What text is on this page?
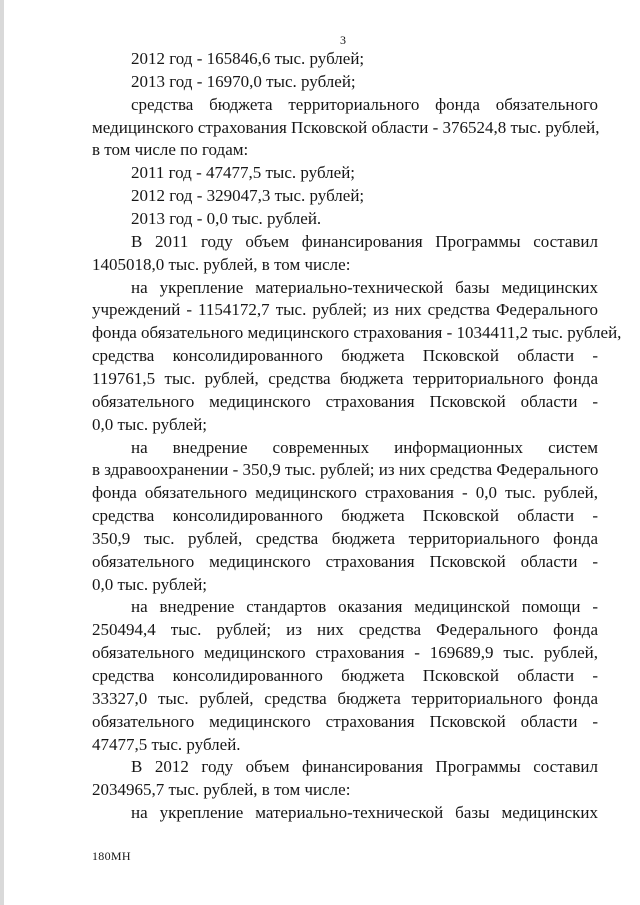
3
2012 год - 165846,6 тыс. рублей;
2013 год - 16970,0 тыс. рублей;
средства бюджета территориального фонда обязательного
медицинского страхования Псковской области - 376524,8 тыс. рублей,
в том числе по годам:
2011 год - 47477,5 тыс. рублей;
2012 год - 329047,3 тыс. рублей;
2013 год - 0,0 тыс. рублей.
В 2011 году объем финансирования Программы составил
1405018,0 тыс. рублей, в том числе:
на укрепление материально-технической базы медицинских
учреждений - 1154172,7 тыс. рублей; из них средства Федерального
фонда обязательного медицинского страхования - 1034411,2 тыс. рублей,
средства консолидированного бюджета Псковской области -
119761,5 тыс. рублей, средства бюджета территориального фонда
обязательного медицинского страхования Псковской области -
0,0 тыс. рублей;
на внедрение современных информационных систем
в здравоохранении - 350,9 тыс. рублей; из них средства Федерального
фонда обязательного медицинского страхования - 0,0 тыс. рублей,
средства консолидированного бюджета Псковской области -
350,9 тыс. рублей, средства бюджета территориального фонда
обязательного медицинского страхования Псковской области -
0,0 тыс. рублей;
на внедрение стандартов оказания медицинской помощи -
250494,4 тыс. рублей; из них средства Федерального фонда
обязательного медицинского страхования - 169689,9 тыс. рублей,
средства консолидированного бюджета Псковской области -
33327,0 тыс. рублей, средства бюджета территориального фонда
обязательного медицинского страхования Псковской области -
47477,5 тыс. рублей.
В 2012 году объем финансирования Программы составил
2034965,7 тыс. рублей, в том числе:
на укрепление материально-технической базы медицинских
180МН
